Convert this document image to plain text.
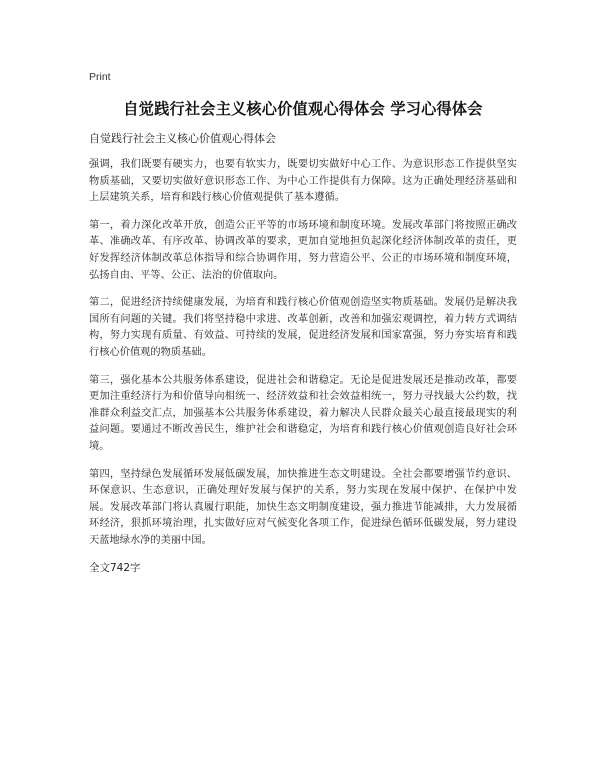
Print
自觉践行社会主义核心价值观心得体会 学习心得体会
自觉践行社会主义核心价值观心得体会

强调，我们既要有硬实力，也要有软实力，既要切实做好中心工作、为意识形态工作提供坚实物质基础，又要切实做好意识形态工作、为中心工作提供有力保障。这为正确处理经济基础和上层建筑关系，培育和践行核心价值观提供了基本遵循。

第一，着力深化改革开放，创造公正平等的市场环境和制度环境。发展改革部门将按照正确改革、准确改革、有序改革、协调改革的要求，更加自觉地担负起深化经济体制改革的责任，更好发挥经济体制改革总体指导和综合协调作用，努力营造公平、公正的市场环境和制度环境，弘扬自由、平等、公正、法治的价值取向。

第二，促进经济持续健康发展，为培育和践行核心价值观创造坚实物质基础。发展仍是解决我国所有问题的关键。我们将坚持稳中求进、改革创新，改善和加强宏观调控，着力转方式调结构，努力实现有质量、有效益、可持续的发展，促进经济发展和国家富强，努力夯实培育和践行核心价值观的物质基础。

第三，强化基本公共服务体系建设，促进社会和谐稳定。无论是促进发展还是推动改革，都要更加注重经济行为和价值导向相统一、经济效益和社会效益相统一，努力寻找最大公约数，找准群众利益交汇点，加强基本公共服务体系建设，着力解决人民群众最关心最直接最现实的利益问题。要通过不断改善民生，维护社会和谐稳定，为培育和践行核心价值观创造良好社会环境。

第四，坚持绿色发展循环发展低碳发展，加快推进生态文明建设。全社会都要增强节约意识、环保意识、生态意识，正确处理好发展与保护的关系，努力实现在发展中保护、在保护中发展。发展改革部门将认真履行职能，加快生态文明制度建设，强力推进节能减排，大力发展循环经济，狠抓环境治理，扎实做好应对气候变化各项工作，促进绿色循环低碳发展，努力建设天蓝地绿水净的美丽中国。

全文742字
